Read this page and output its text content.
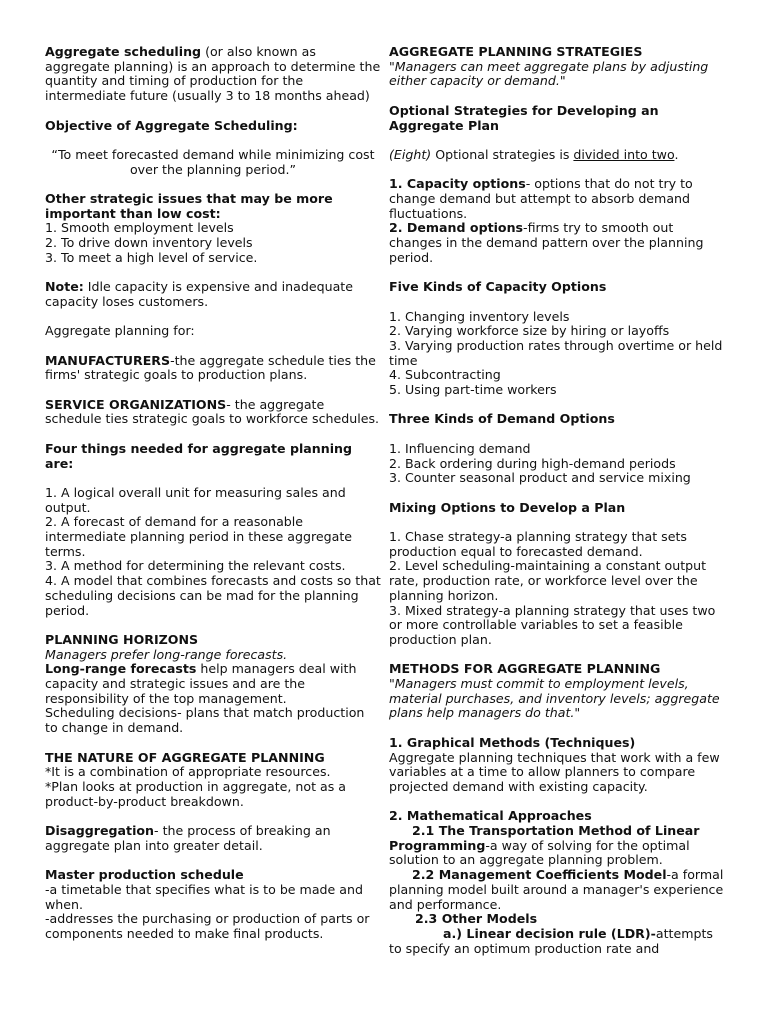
Aggregate scheduling (or also known as aggregate planning) is an approach to determine the quantity and timing of production for the intermediate future (usually 3 to 18 months ahead)
Objective of Aggregate Scheduling:
“To meet forecasted demand while minimizing cost over the planning period.”
Other strategic issues that may be more important than low cost:
1. Smooth employment levels
2. To drive down inventory levels
3. To meet a high level of service.
Note: Idle capacity is expensive and inadequate capacity loses customers.
Aggregate planning for:
MANUFACTURERS-the aggregate schedule ties the firms' strategic goals to production plans.
SERVICE ORGANIZATIONS- the aggregate schedule ties strategic goals to workforce schedules.
Four things needed for aggregate planning are:
1. A logical overall unit for measuring sales and output.
2. A forecast of demand for a reasonable intermediate planning period in these aggregate terms.
3. A method for determining the relevant costs.
4. A model that combines forecasts and costs so that scheduling decisions can be mad for the planning period.
PLANNING HORIZONS
Managers prefer long-range forecasts.
Long-range forecasts help managers deal with capacity and strategic issues and are the responsibility of the top management.
Scheduling decisions- plans that match production to change in demand.
THE NATURE OF AGGREGATE PLANNING
*It is a combination of appropriate resources.
*Plan looks at production in aggregate, not as a product-by-product breakdown.
Disaggregation- the process of breaking an aggregate plan into greater detail.
Master production schedule
-a timetable that specifies what is to be made and when.
-addresses the purchasing or production of parts or components needed to make final products.
AGGREGATE PLANNING STRATEGIES
"Managers can meet aggregate plans by adjusting either capacity or demand."
Optional Strategies for Developing an Aggregate Plan
(Eight) Optional strategies is divided into two.
1. Capacity options- options that do not try to change demand but attempt to absorb demand fluctuations.
2. Demand options-firms try to smooth out changes in the demand pattern over the planning period.
Five Kinds of Capacity Options
1. Changing inventory levels
2. Varying workforce size by hiring or layoffs
3. Varying production rates through overtime or held time
4. Subcontracting
5. Using part-time workers
Three Kinds of Demand Options
1. Influencing demand
2. Back ordering during high-demand periods
3. Counter seasonal product and service mixing
Mixing Options to Develop a Plan
1. Chase strategy-a planning strategy that sets production equal to forecasted demand.
2. Level scheduling-maintaining a constant output rate, production rate, or workforce level over the planning horizon.
3. Mixed strategy-a planning strategy that uses two or more controllable variables to set a feasible production plan.
METHODS FOR AGGREGATE PLANNING
"Managers must commit to employment levels, material purchases, and inventory levels; aggregate plans help managers do that."
1. Graphical Methods (Techniques)
Aggregate planning techniques that work with a few variables at a time to allow planners to compare projected demand with existing capacity.
2. Mathematical Approaches
2.1 The Transportation Method of Linear Programming-a way of solving for the optimal solution to an aggregate planning problem.
2.2 Management Coefficients Model-a formal planning model built around a manager's experience and performance.
2.3 Other Models
a.) Linear decision rule (LDR)-attempts to specify an optimum production rate and
